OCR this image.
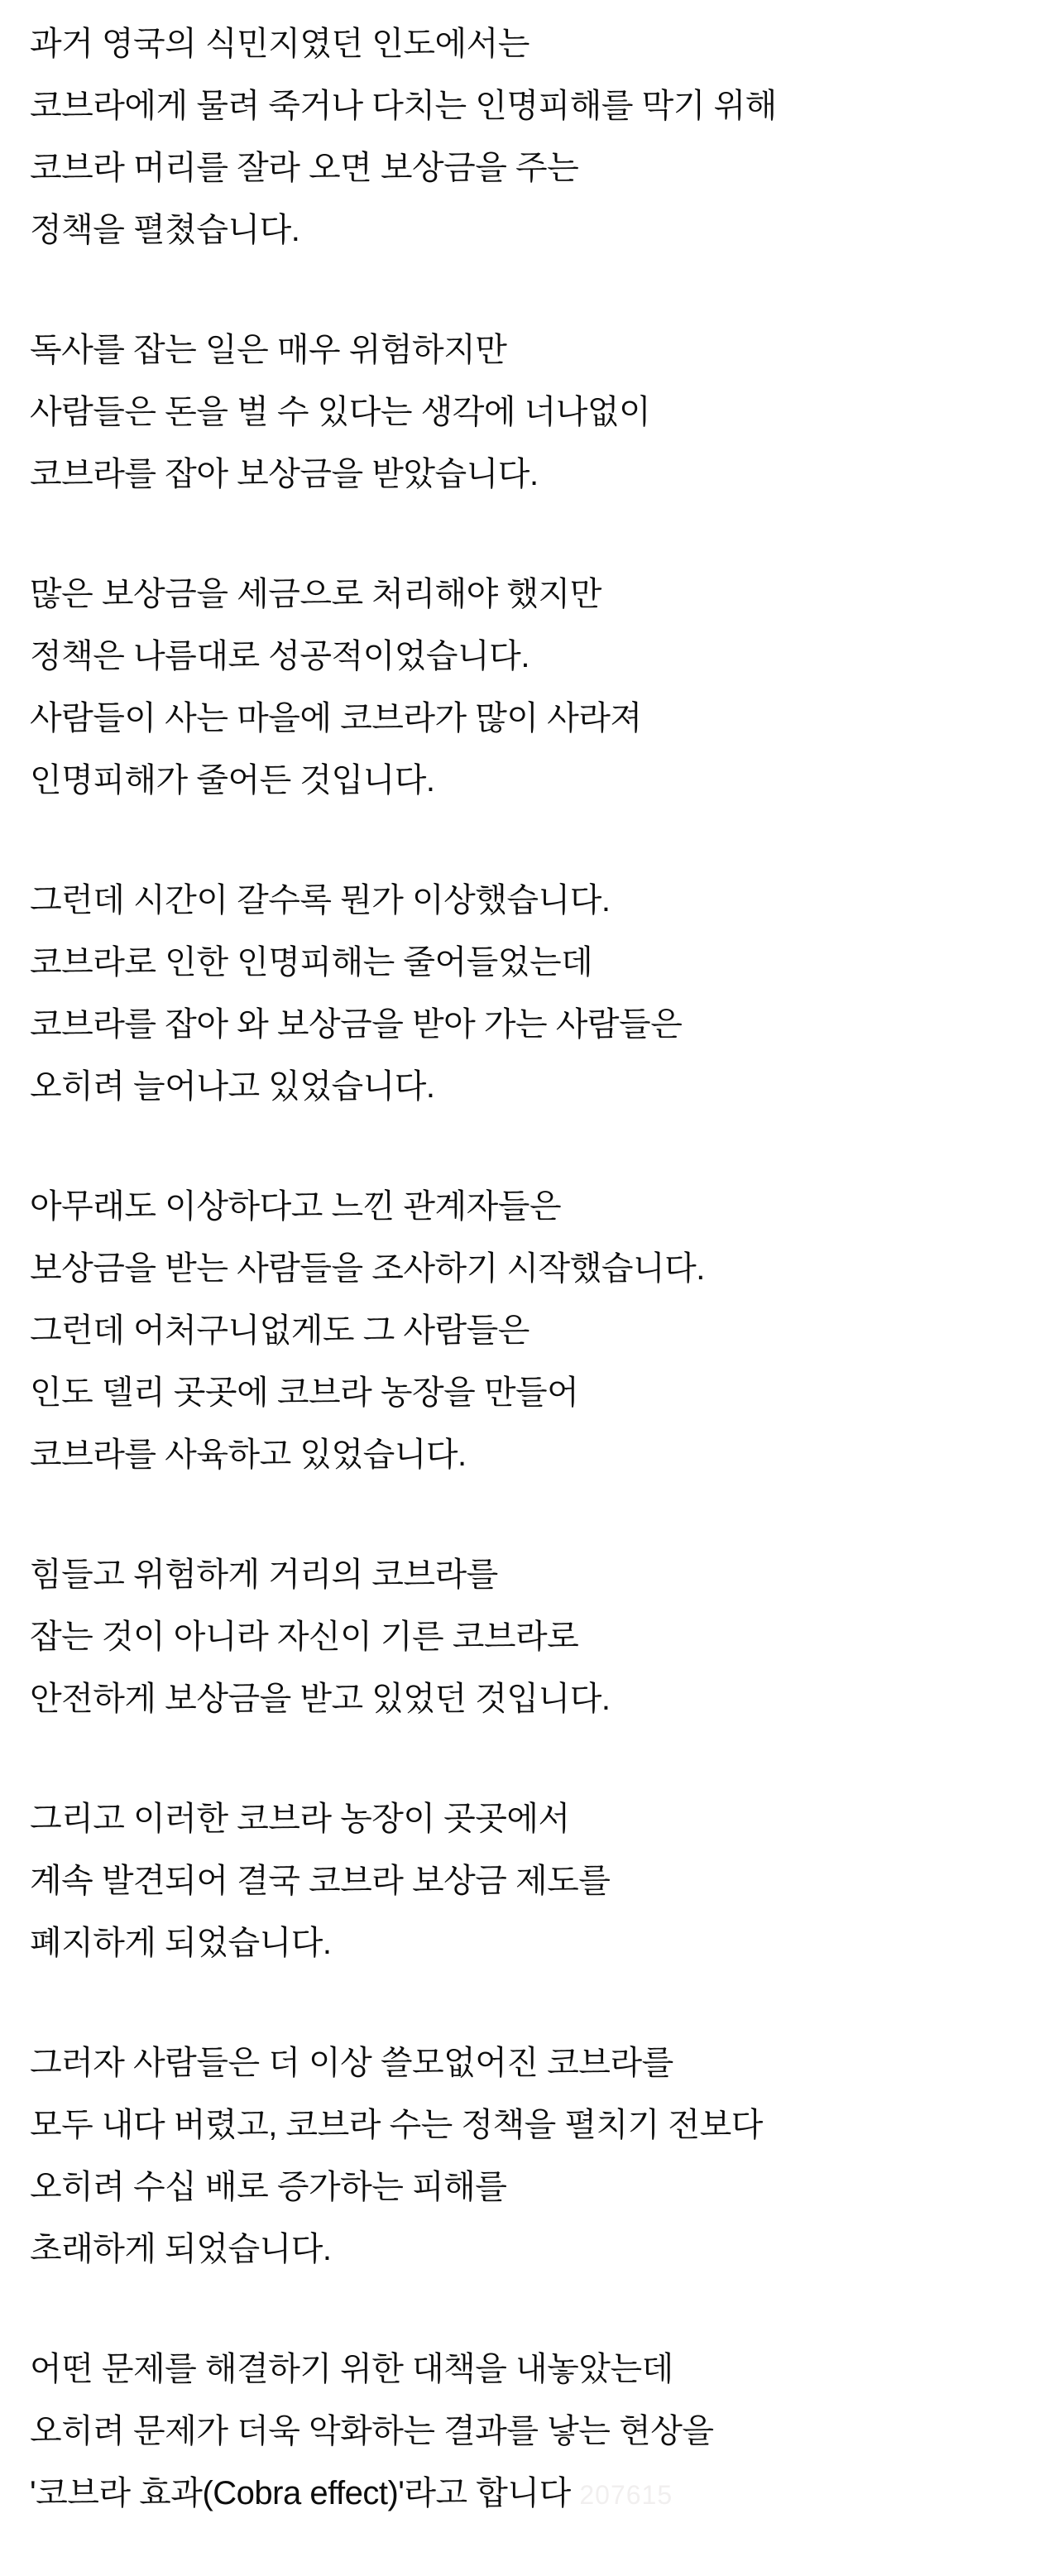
과거 영국의 식민지였던 인도에서는
코브라에게 물려 죽거나 다치는 인명피해를 막기 위해
코브라 머리를 잘라 오면 보상금을 주는
정책을 펼쳤습니다.

독사를 잡는 일은 매우 위험하지만
사람들은 돈을 벌 수 있다는 생각에 너나없이
코브라를 잡아 보상금을 받았습니다.

많은 보상금을 세금으로 처리해야 했지만
정책은 나름대로 성공적이었습니다.
사람들이 사는 마을에 코브라가 많이 사라져
인명피해가 줄어든 것입니다.

그런데 시간이 갈수록 뭔가 이상했습니다.
코브라로 인한 인명피해는 줄어들었는데
코브라를 잡아 와 보상금을 받아 가는 사람들은
오히려 늘어나고 있었습니다.

아무래도 이상하다고 느낀 관계자들은
보상금을 받는 사람들을 조사하기 시작했습니다.
그런데 어처구니없게도 그 사람들은
인도 델리 곳곳에 코브라 농장을 만들어
코브라를 사육하고 있었습니다.

힘들고 위험하게 거리의 코브라를
잡는 것이 아니라 자신이 기른 코브라로
안전하게 보상금을 받고 있었던 것입니다.

그리고 이러한 코브라 농장이 곳곳에서
계속 발견되어 결국 코브라 보상금 제도를
폐지하게 되었습니다.

그러자 사람들은 더 이상 쓸모없어진 코브라를
모두 내다 버렸고, 코브라 수는 정책을 펼치기 전보다
오히려 수십 배로 증가하는 피해를
초래하게 되었습니다.

어떤 문제를 해결하기 위한 대책을 내놓았는데
오히려 문제가 더욱 악화하는 결과를 낳는 현상을
'코브라 효과(Cobra effect)'라고 합니다 207615
